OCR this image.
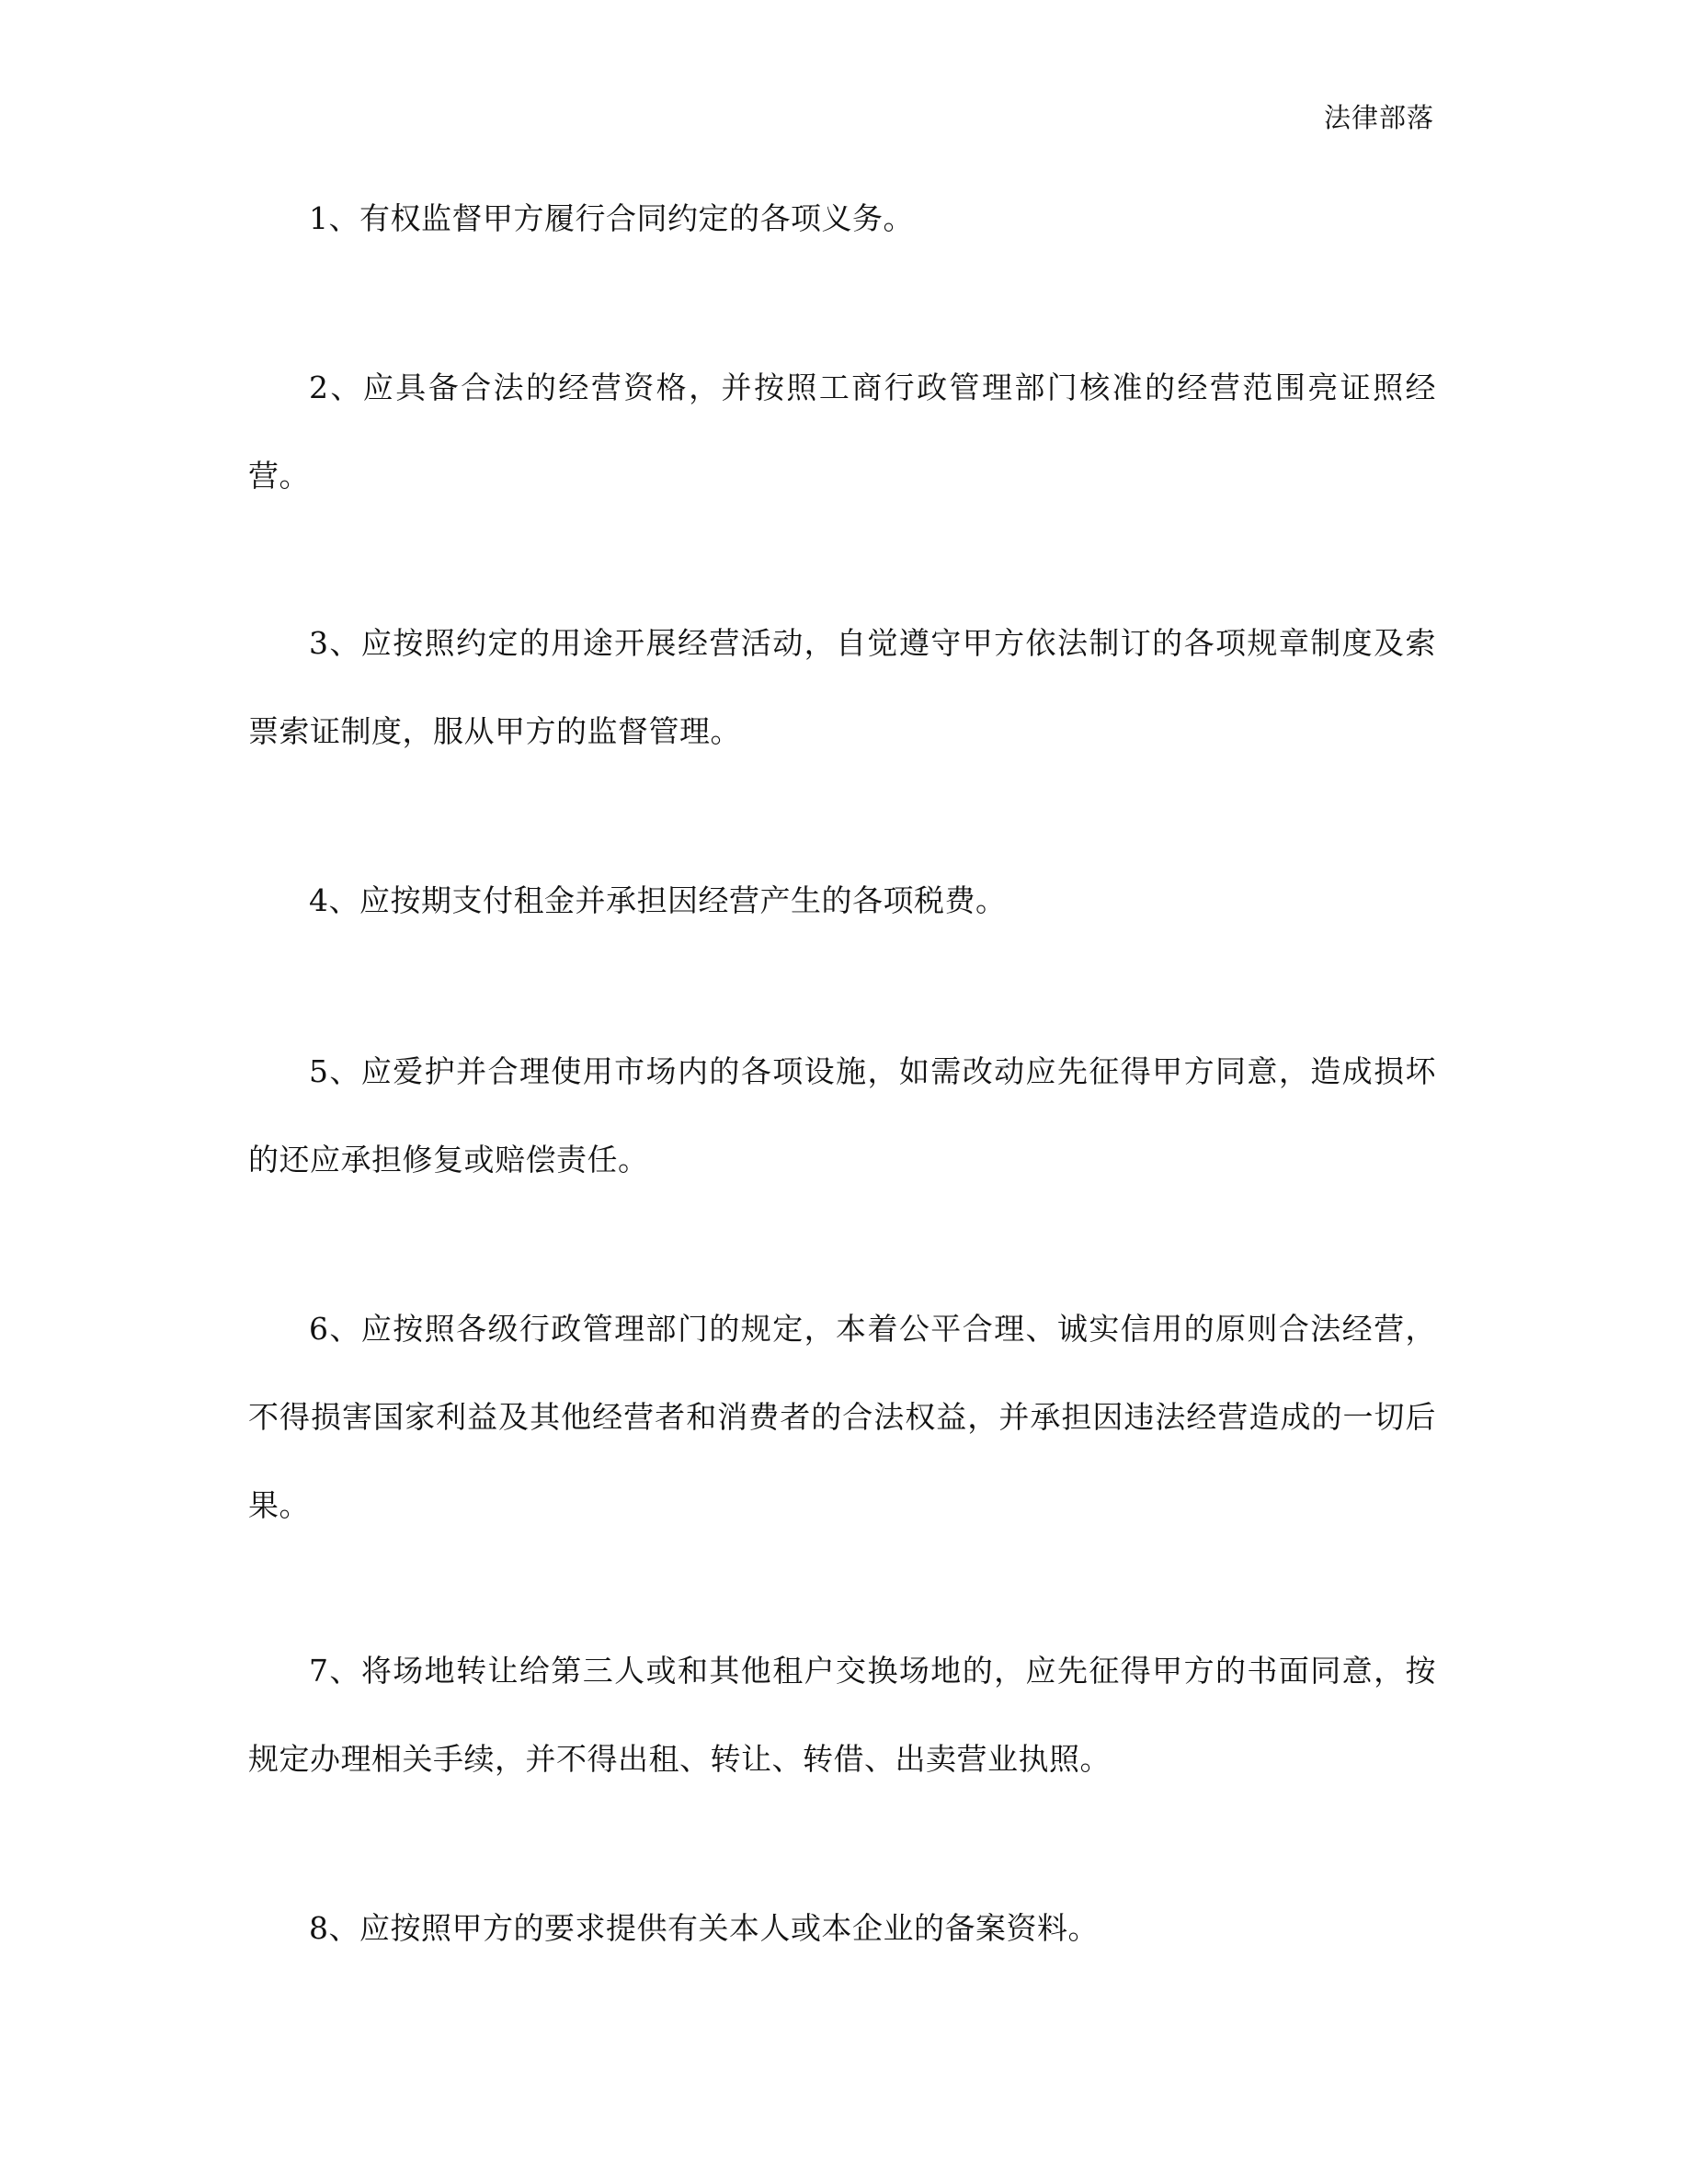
法律部落

1、有权监督甲方履行合同约定的各项义务。

2、应具备合法的经营资格，并按照工商行政管理部门核准的经营范围亮证照经营。

3、应按照约定的用途开展经营活动，自觉遵守甲方依法制订的各项规章制度及索票索证制度，服从甲方的监督管理。

4、应按期支付租金并承担因经营产生的各项税费。

5、应爱护并合理使用市场内的各项设施，如需改动应先征得甲方同意，造成损坏的还应承担修复或赔偿责任。

6、应按照各级行政管理部门的规定，本着公平合理、诚实信用的原则合法经营，不得损害国家利益及其他经营者和消费者的合法权益，并承担因违法经营造成的一切后果。

7、将场地转让给第三人或和其他租户交换场地的，应先征得甲方的书面同意，按规定办理相关手续，并不得出租、转让、转借、出卖营业执照。

8、应按照甲方的要求提供有关本人或本企业的备案资料。
